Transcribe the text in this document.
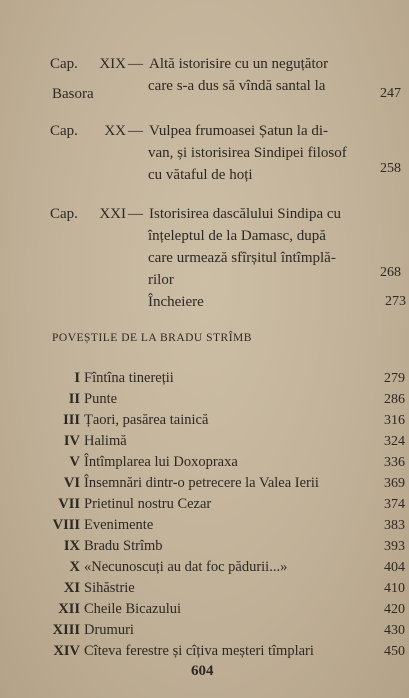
Cap.	XIX — Altă istorisire cu un neguțător
care s-a dus să vîndă santal la
Basora	247
Cap.	XX — Vulpea frumoasei Șatun la di-
van, și istorisirea Sindipei filosof
cu vătaful de hoți	258
Cap.	XXI — Istorisirea dascălului Sindipa cu
înțeleptul de la Damasc, după
care urmează sfîrșitul întîmplă-
rilor	268
Încheiere	273
POVEȘTILE DE LA BRADU STRÎMB
I Fîntîna tinereții	279
II Punte	286
III Țaori, pasărea tainică	316
IV Halimă	324
V Întîmplarea lui Doxopraxa	336
VI Însemnări dintr-o petrecere la Valea Ierii	369
VII Prietinul nostru Cezar	374
VIII Evenimente	383
IX Bradu Strîmb	393
X «Necunoscuți au dat foc pădurii...»	404
XI Sihăstrie	410
XII Cheile Bicazului	420
XIII Drumuri	430
XIV Cîteva ferestre și cîțiva meșteri tîmplari	450
604
